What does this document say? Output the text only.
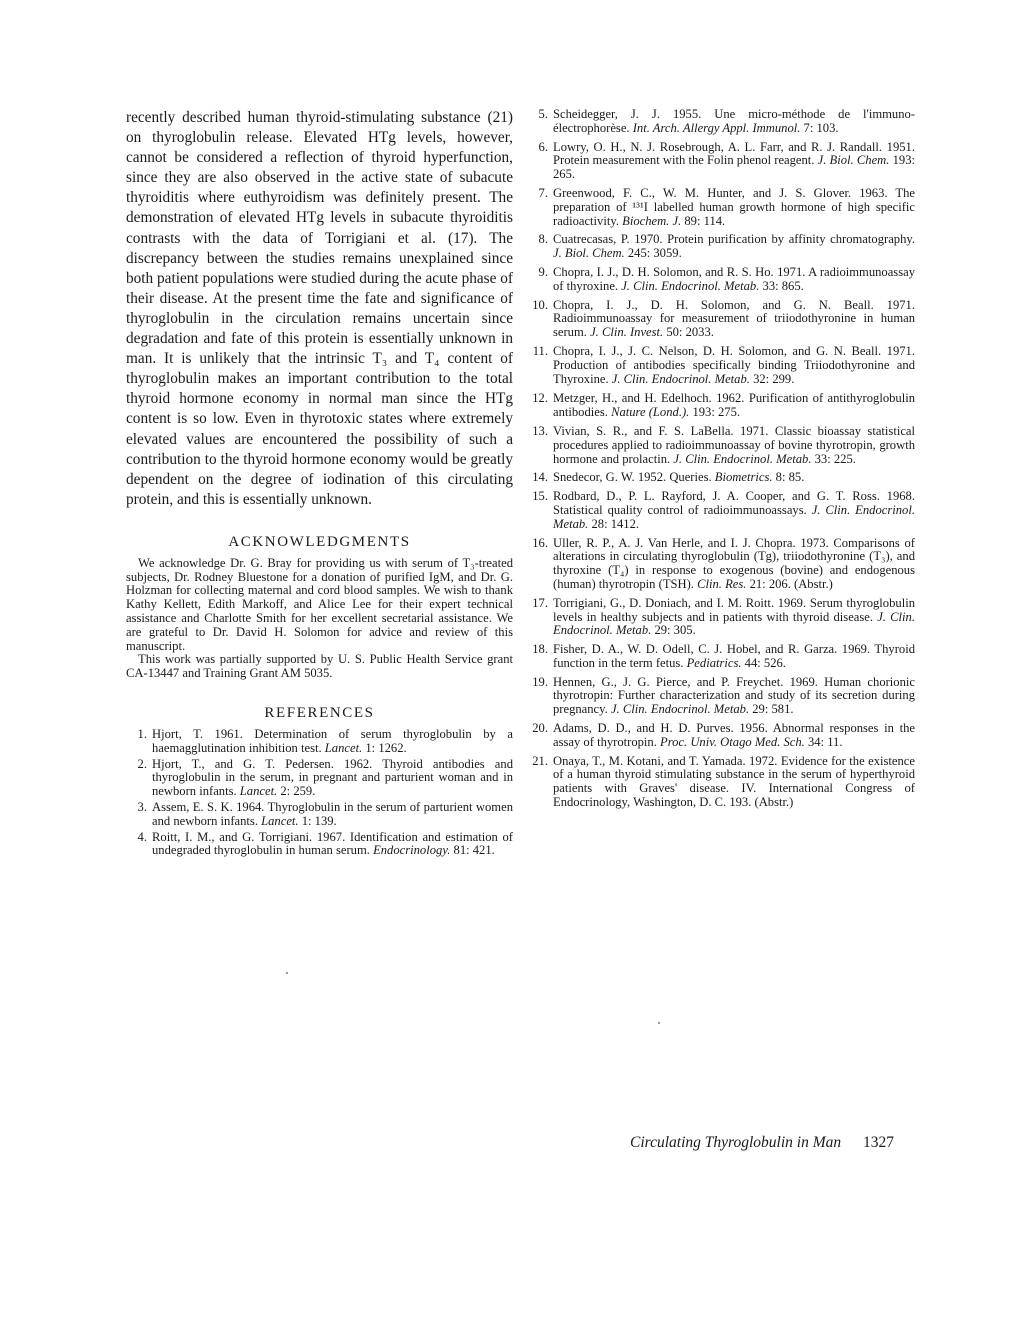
recently described human thyroid-stimulating substance (21) on thyroglobulin release. Elevated HTg levels, however, cannot be considered a reflection of thyroid hyperfunction, since they are also observed in the active state of subacute thyroiditis where euthyroidism was definitely present. The demonstration of elevated HTg levels in subacute thyroiditis contrasts with the data of Torrigiani et al. (17). The discrepancy between the studies remains unexplained since both patient populations were studied during the acute phase of their disease. At the present time the fate and significance of thyroglobulin in the circulation remains uncertain since degradation and fate of this protein is essentially unknown in man. It is unlikely that the intrinsic T₃ and T₄ content of thyroglobulin makes an important contribution to the total thyroid hormone economy in normal man since the HTg content is so low. Even in thyrotoxic states where extremely elevated values are encountered the possibility of such a contribution to the thyroid hormone economy would be greatly dependent on the degree of iodination of this circulating protein, and this is essentially unknown.

ACKNOWLEDGMENTS

We acknowledge Dr. G. Bray for providing us with serum of T₃-treated subjects, Dr. Rodney Bluestone for a donation of purified IgM, and Dr. G. Holzman for collecting maternal and cord blood samples. We wish to thank Kathy Kellett, Edith Markoff, and Alice Lee for their expert technical assistance and Charlotte Smith for her excellent secretarial assistance. We are grateful to Dr. David H. Solomon for advice and review of this manuscript.

This work was partially supported by U. S. Public Health Service grant CA-13447 and Training Grant AM 5035.

REFERENCES
1. Hjort, T. 1961. Determination of serum thyroglobulin by a haemagglutination inhibition test. Lancet. 1: 1262.
2. Hjort, T., and G. T. Pedersen. 1962. Thyroid antibodies and thyroglobulin in the serum, in pregnant and parturient woman and in newborn infants. Lancet. 2: 259.
3. Assem, E. S. K. 1964. Thyroglobulin in the serum of parturient women and newborn infants. Lancet. 1: 139.
4. Roitt, I. M., and G. Torrigiani. 1967. Identification and estimation of undegraded thyroglobulin in human serum. Endocrinology. 81: 421.
5. Scheidegger, J. J. 1955. Une micro-méthode de l'immuno-électrophorèse. Int. Arch. Allergy Appl. Immunol. 7: 103.
6. Lowry, O. H., N. J. Rosebrough, A. L. Farr, and R. J. Randall. 1951. Protein measurement with the Folin phenol reagent. J. Biol. Chem. 193: 265.
7. Greenwood, F. C., W. M. Hunter, and J. S. Glover. 1963. The preparation of ¹³¹I labelled human growth hormone of high specific radioactivity. Biochem. J. 89: 114.
8. Cuatrecasas, P. 1970. Protein purification by affinity chromatography. J. Biol. Chem. 245: 3059.
9. Chopra, I. J., D. H. Solomon, and R. S. Ho. 1971. A radioimmunoassay of thyroxine. J. Clin. Endocrinol. Metab. 33: 865.
10. Chopra, I. J., D. H. Solomon, and G. N. Beall. 1971. Radioimmunoassay for measurement of triiodothyronine in human serum. J. Clin. Invest. 50: 2033.
11. Chopra, I. J., J. C. Nelson, D. H. Solomon, and G. N. Beall. 1971. Production of antibodies specifically binding Triiodothyronine and Thyroxine. J. Clin. Endocrinol. Metab. 32: 299.
12. Metzger, H., and H. Edelhoch. 1962. Purification of antithyroglobulin antibodies. Nature (Lond.). 193: 275.
13. Vivian, S. R., and F. S. LaBella. 1971. Classic bioassay statistical procedures applied to radioimmunoassay of bovine thyrotropin, growth hormone and prolactin. J. Clin. Endocrinol. Metab. 33: 225.
14. Snedecor, G. W. 1952. Queries. Biometrics. 8: 85.
15. Rodbard, D., P. L. Rayford, J. A. Cooper, and G. T. Ross. 1968. Statistical quality control of radioimmunoassays. J. Clin. Endocrinol. Metab. 28: 1412.
16. Uller, R. P., A. J. Van Herle, and I. J. Chopra. 1973. Comparisons of alterations in circulating thyroglobulin (Tg), triiodothyronine (T₃), and thyroxine (T₄) in response to exogenous (bovine) and endogenous (human) thyrotropin (TSH). Clin. Res. 21: 206. (Abstr.)
17. Torrigiani, G., D. Doniach, and I. M. Roitt. 1969. Serum thyroglobulin levels in healthy subjects and in patients with thyroid disease. J. Clin. Endocrinol. Metab. 29: 305.
18. Fisher, D. A., W. D. Odell, C. J. Hobel, and R. Garza. 1969. Thyroid function in the term fetus. Pediatrics. 44: 526.
19. Hennen, G., J. G. Pierce, and P. Freychet. 1969. Human chorionic thyrotropin: Further characterization and study of its secretion during pregnancy. J. Clin. Endocrinol. Metab. 29: 581.
20. Adams, D. D., and H. D. Purves. 1956. Abnormal responses in the assay of thyrotropin. Proc. Univ. Otago Med. Sch. 34: 11.
21. Onaya, T., M. Kotani, and T. Yamada. 1972. Evidence for the existence of a human thyroid stimulating substance in the serum of hyperthyroid patients with Graves' disease. IV. International Congress of Endocrinology, Washington, D. C. 193. (Abstr.)
Circulating Thyroglobulin in Man 1327
